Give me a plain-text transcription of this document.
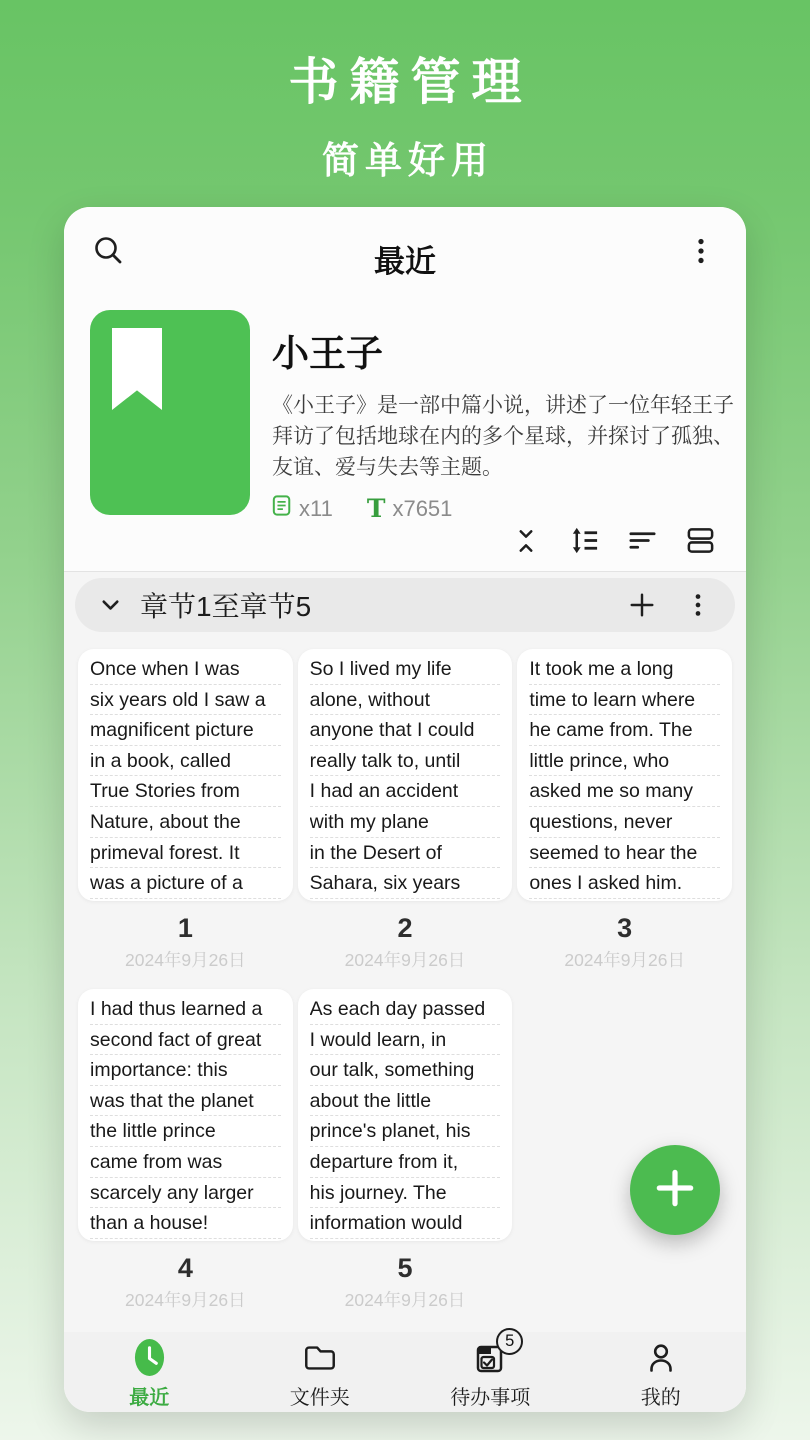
书籍管理
简单好用
最近
小王子
《小王子》是一部中篇小说，讲述了一位年轻王子拜访了包括地球在内的多个星球，并探讨了孤独、友谊、爱与失去等主题。
x11 T x7651
章节1至章节5
Once when I was
six years old I saw a
magnificent picture
in a book, called
True Stories from
Nature, about the
primeval forest. It
was a picture of a
1
2024年9月26日
So I lived my life
alone, without
anyone that I could
really talk to, until
I had an accident
with my plane
in the Desert of
Sahara, six years
2
2024年9月26日
It took me a long
time to learn where
he came from. The
little prince, who
asked me so many
questions, never
seemed to hear the
ones I asked him.
3
2024年9月26日
I had thus learned a
second fact of great
importance: this
was that the planet
the little prince
came from was
scarcely any larger
than a house!
4
2024年9月26日
As each day passed
I would learn, in
our talk, something
about the little
prince's planet, his
departure from it,
his journey. The
information would
5
2024年9月26日
最近	文件夹
5
待办事项	我的
